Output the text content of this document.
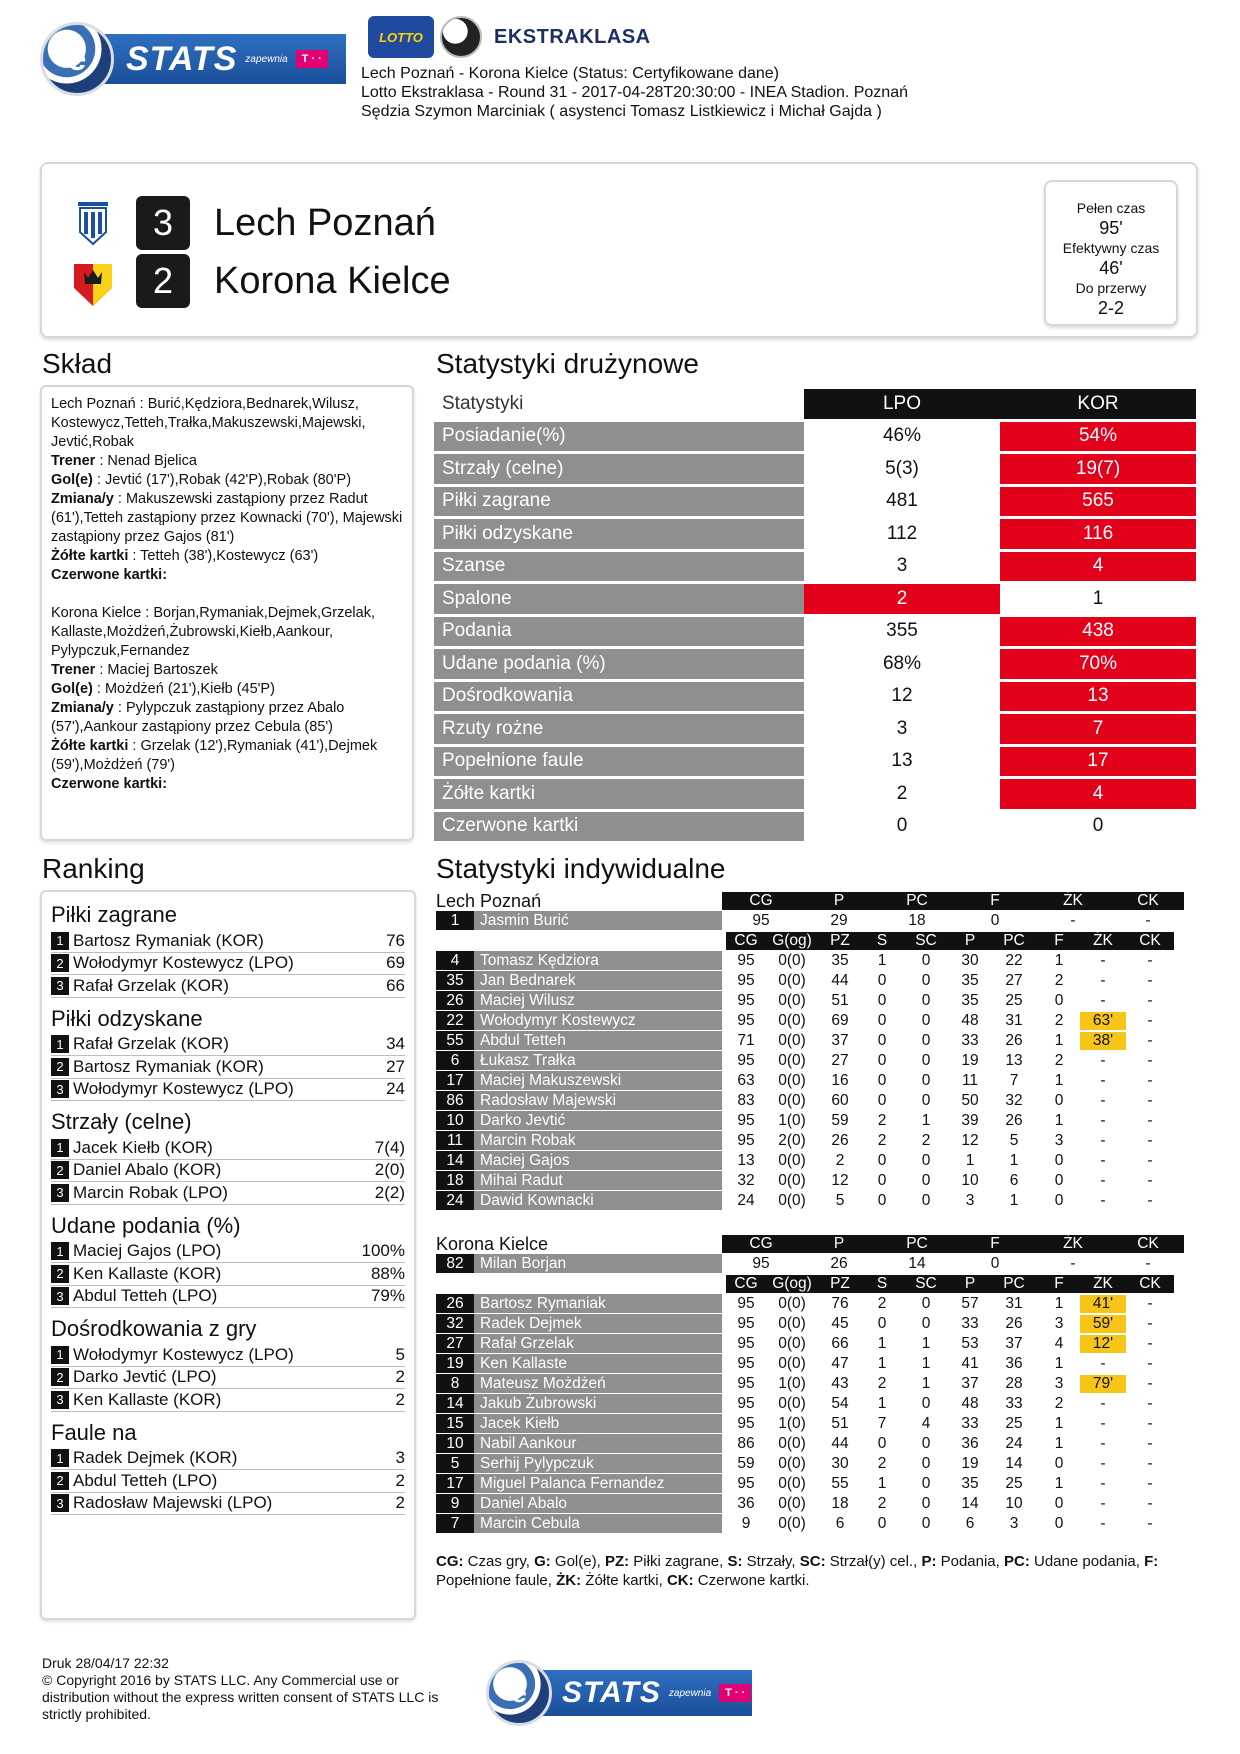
STATS zapewnia	T · ·
e
LOTTO	EKSTRAKLASA
Lech Poznań - Korona Kielce (Status: Certyfikowane dane)
Lotto Ekstraklasa - Round 31 - 2017-04-28T20:30:00 - INEA Stadion. Poznań
Sędzia Szymon Marciniak ( asystenci Tomasz Listkiewicz i Michał Gajda )
3
2
Lech Poznań
Korona Kielce
Pełen czas
95'
Efektywny czas
46'
Do przerwy
2-2
Skład

Lech Poznań : Burić,Kędziora,Bednarek,Wilusz, Kostewycz,Tetteh,Trałka,Makuszewski,Majewski, Jevtić,Robak

Trener : Nenad Bjelica

Gol(e) : Jevtić (17'),Robak (42'P),Robak (80'P)

Zmiana/y : Makuszewski zastąpiony przez Radut (61'),Tetteh zastąpiony przez Kownacki (70'), Majewski zastąpiony przez Gajos (81')

Żółte kartki : Tetteh (38'),Kostewycz (63')

Czerwone kartki:

Korona Kielce : Borjan,Rymaniak,Dejmek,Grzelak, Kallaste,Możdżeń,Żubrowski,Kiełb,Aankour, Pylypczuk,Fernandez

Trener : Maciej Bartoszek

Gol(e) : Możdżeń (21'),Kiełb (45'P)

Zmiana/y : Pylypczuk zastąpiony przez Abalo (57'),Aankour zastąpiony przez Cebula (85')

Żółte kartki : Grzelak (12'),Rymaniak (41'),Dejmek (59'),Możdżeń (79')

Czerwone kartki:

Ranking
Piłki zagrane
1 Bartosz Rymaniak (KOR)	76
2 Wołodymyr Kostewycz (LPO)	69
3 Rafał Grzelak (KOR)	66
Piłki odzyskane
1 Rafał Grzelak (KOR)	34
2 Bartosz Rymaniak (KOR)	27
3 Wołodymyr Kostewycz (LPO)	24
Strzały (celne)
1 Jacek Kiełb (KOR)	7(4)
2 Daniel Abalo (KOR)	2(0)
3 Marcin Robak (LPO)	2(2)
Udane podania (%)
1 Maciej Gajos (LPO)	100%
2 Ken Kallaste (KOR)	88%
3 Abdul Tetteh (LPO)	79%
Dośrodkowania z gry
1 Wołodymyr Kostewycz (LPO)	5
2 Darko Jevtić (LPO)	2
3 Ken Kallaste (KOR)	2
Faule na
1 Radek Dejmek (KOR)	3
2 Abdul Tetteh (LPO)	2
3 Radosław Majewski (LPO)	2
Statystyki drużynowe
Statystyki	LPO	KOR
Posiadanie(%)	46%	54%
Strzały (celne)	5(3)	19(7)
Piłki zagrane	481	565
Piłki odzyskane	112	116
Szanse	3	4
Spalone	2	1
Podania	355	438
Udane podania (%)	68%	70%
Dośrodkowania	12	13
Rzuty rożne	3	7
Popełnione faule	13	17
Żółte kartki	2	4
Czerwone kartki	0	0
Statystyki indywidualne
Lech Poznań	CG	P	PC	F	ŻK	CK
1	Jasmin Burić	95	29	18	0	-	-
CG G(og)	PZ	S	SC	P	PC	F	ŻK	CK
4	Tomasz Kędziora	95	0(0)	35	1	0	30	22	1	-	-
35	Jan Bednarek	95	0(0)	44	0	0	35	27	2	-	-
26	Maciej Wilusz	95	0(0)	51	0	0	35	25	0	-	-
22	Wołodymyr Kostewycz	95	0(0)	69	0	0	48	31	2	63'	-
55	Abdul Tetteh	71	0(0)	37	0	0	33	26	1	38'	-
6	Łukasz Trałka	95	0(0)	27	0	0	19	13	2	-	-
17	Maciej Makuszewski	63	0(0)	16	0	0	11	7	1	-	-
86	Radosław Majewski	83	0(0)	60	0	0	50	32	0	-	-
10	Darko Jevtić	95	1(0)	59	2	1	39	26	1	-	-
11	Marcin Robak	95	2(0)	26	2	2	12	5	3	-	-
14	Maciej Gajos	13	0(0)	2	0	0	1	1	0	-	-
18	Mihai Radut	32	0(0)	12	0	0	10	6	0	-	-
24	Dawid Kownacki	24	0(0)	5	0	0	3	1	0	-	-
Korona Kielce	CG	P	PC	F	ŻK	CK
82	Milan Borjan	95	26	14	0	-	-
CG G(og)	PZ	S	SC	P	PC	F	ŻK	CK
26	Bartosz Rymaniak	95	0(0)	76	2	0	57	31	1	41'	-
32	Radek Dejmek	95	0(0)	45	0	0	33	26	3	59'	-
27	Rafał Grzelak	95	0(0)	66	1	1	53	37	4	12'	-
19	Ken Kallaste	95	0(0)	47	1	1	41	36	1	-	-
8	Mateusz Możdżeń	95	1(0)	43	2	1	37	28	3	79'	-
14	Jakub Żubrowski	95	0(0)	54	1	0	48	33	2	-	-
15	Jacek Kiełb	95	1(0)	51	7	4	33	25	1	-	-
10	Nabil Aankour	86	0(0)	44	0	0	36	24	1	-	-
5	Serhij Pylypczuk	59	0(0)	30	2	0	19	14	0	-	-
17	Miguel Palanca Fernandez	95	0(0)	55	1	0	35	25	1	-	-
9	Daniel Abalo	36	0(0)	18	2	0	14	10	0	-	-
7	Marcin Cebula	9	0(0)	6	0	0	6	3	0	-	-
CG: Czas gry, G: Gol(e), PZ: Piłki zagrane, S: Strzały, SC: Strzał(y) cel., P: Podania, PC: Udane podania, F: Popełnione faule, ŻK: Żółte kartki, CK: Czerwone kartki.
Druk 28/04/17 22:32
© Copyright 2016 by STATS LLC. Any Commercial use or distribution without the express written consent of STATS LLC is strictly prohibited.
STATS zapewnia	T · ·
e
